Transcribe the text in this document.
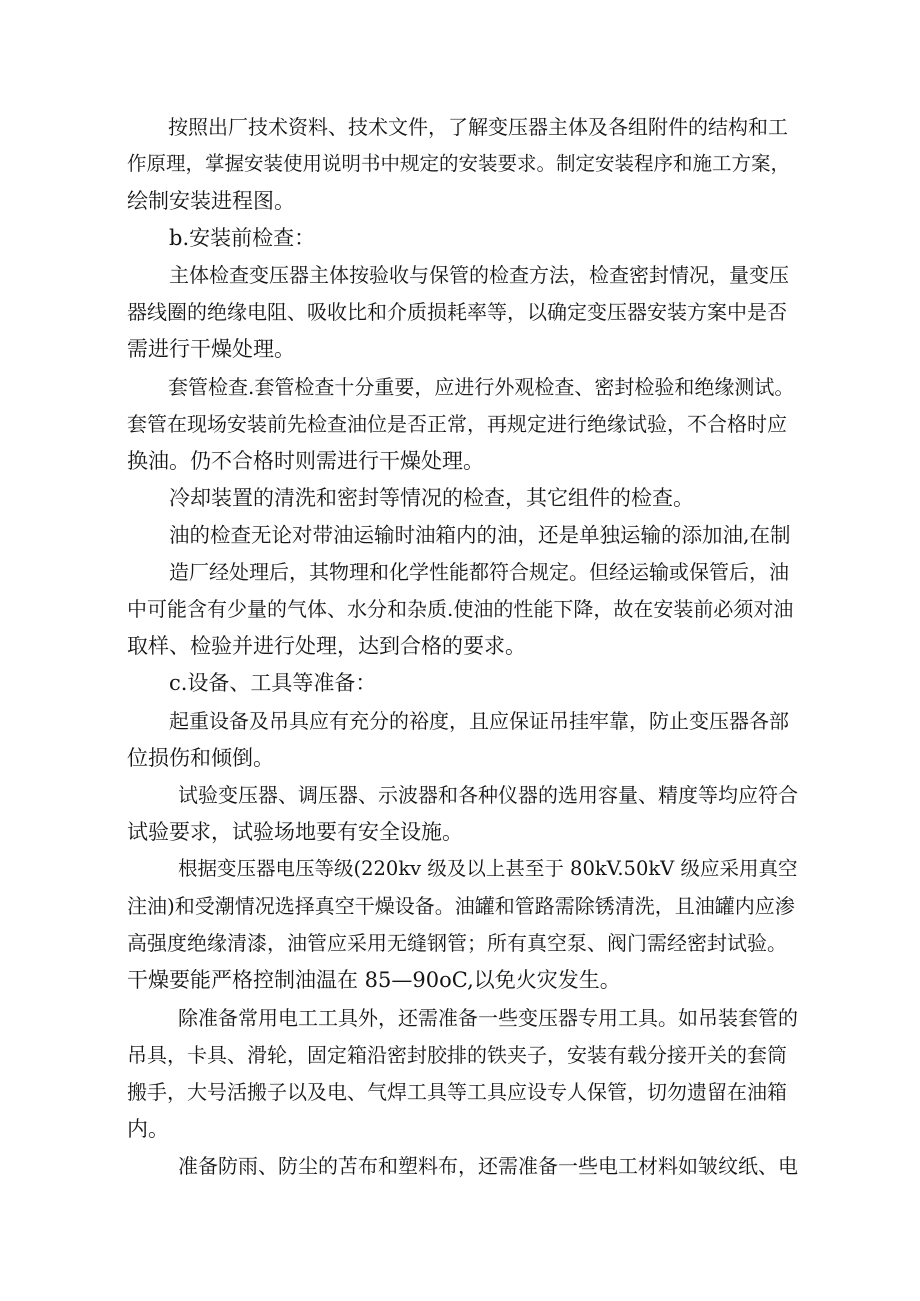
按照出厂技术资料、技术文件，了解变压器主体及各组附件的结构和工
作原理，掌握安装使用说明书中规定的安装要求。制定安装程序和施工方案，
绘制安装进程图。
b.安装前检查：
主体检查变压器主体按验收与保管的检查方法，检查密封情况，量变压
器线圈的绝缘电阻、吸收比和介质损耗率等，以确定变压器安装方案中是否
需进行干燥处理。
套管检查.套管检查十分重要，应进行外观检查、密封检验和绝缘测试。
套管在现场安装前先检查油位是否正常，再规定进行绝缘试验，不合格时应
换油。仍不合格时则需进行干燥处理。
冷却装置的清洗和密封等情况的检查，其它组件的检查。
油的检查无论对带油运输时油箱内的油，还是单独运输的添加油,在制
造厂经处理后，其物理和化学性能都符合规定。但经运输或保管后，油
中可能含有少量的气体、水分和杂质.使油的性能下降，故在安装前必须对油
取样、检验并进行处理，达到合格的要求。
c.设备、工具等准备：
起重设备及吊具应有充分的裕度，且应保证吊挂牢靠，防止变压器各部
位损伤和倾倒。
试验变压器、调压器、示波器和各种仪器的选用容量、精度等均应符合
试验要求，试验场地要有安全设施。
根据变压器电压等级(220kv 级及以上甚至于 80kV.50kV 级应采用真空
注油)和受潮情况选择真空干燥设备。油罐和管路需除锈清洗，且油罐内应渗
高强度绝缘清漆，油管应采用无缝钢管；所有真空泵、阀门需经密封试验。
干燥要能严格控制油温在 85—90oC,以免火灾发生。
除准备常用电工工具外，还需准备一些变压器专用工具。如吊装套管的
吊具，卡具、滑轮，固定箱沿密封胶排的铁夹子，安装有载分接开关的套筒
搬手，大号活搬子以及电、气焊工具等工具应设专人保管，切勿遗留在油箱
内。
准备防雨、防尘的苫布和塑料布，还需准备一些电工材料如皱纹纸、电
